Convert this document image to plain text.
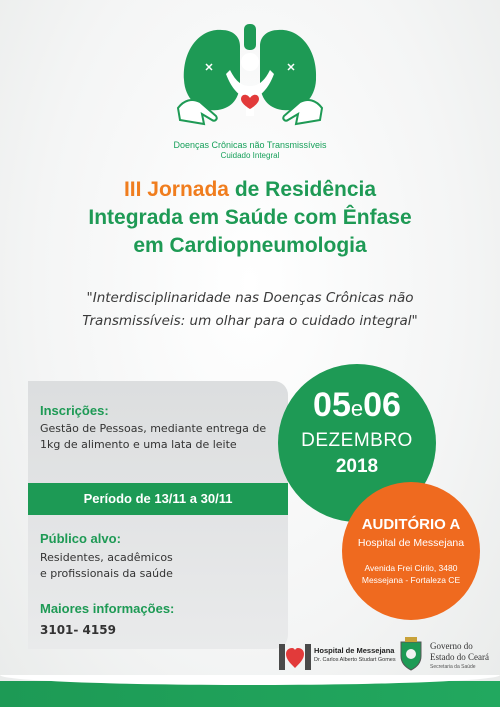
Doenças Crônicas não Transmissíveis
Cuidado Integral
III Jornada de Residência
Integrada em Saúde com Ênfase
em Cardiopneumologia
"Interdisciplinaridade nas Doenças Crônicas não
Transmissíveis: um olhar para o cuidado integral"
Inscrições:
Gestão de Pessoas, mediante entrega de 1kg de alimento e uma lata de leite
Período de 13/11 a 30/11
Público alvo:
Residentes, acadêmicos
e profissionais da saúde
Maiores informações:
3101- 4159
05e06
DEZEMBRO
2018
AUDITÓRIO A
Hospital de Messejana
Avenida Frei Cirilo, 3480
Messejana - Fortaleza CE
Hospital de Messejana
Dr. Carlos Alberto Studart Gomes
Governo do
Estado do Ceará
Secretaria da Saúde
